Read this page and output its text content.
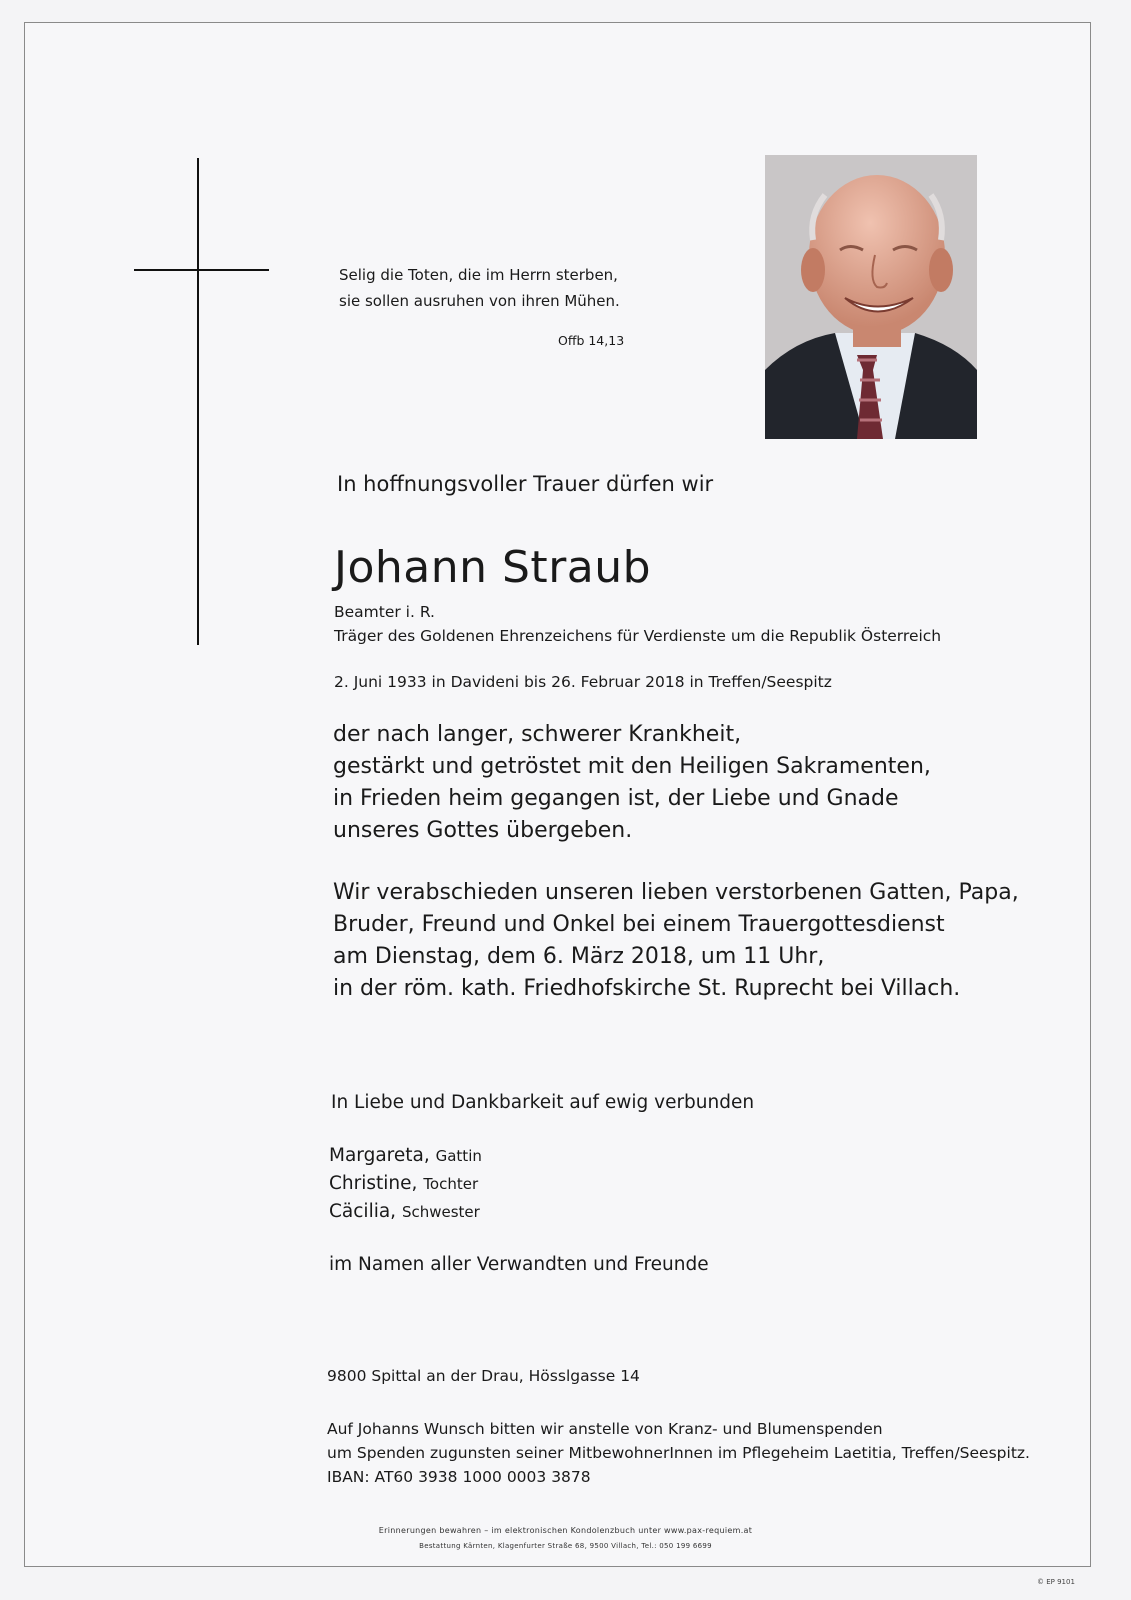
Selig die Toten, die im Herrn sterben,
sie sollen ausruhen von ihren Mühen.
Offb 14,13
In hoffnungsvoller Trauer dürfen wir
Johann Straub
Beamter i. R.
Träger des Goldenen Ehrenzeichens für Verdienste um die Republik Österreich
2. Juni 1933 in Davideni bis 26. Februar 2018 in Treffen/Seespitz
der nach langer, schwerer Krankheit,
gestärkt und getröstet mit den Heiligen Sakramenten,
in Frieden heim gegangen ist, der Liebe und Gnade
unseres Gottes übergeben.
Wir verabschieden unseren lieben verstorbenen Gatten, Papa,
Bruder, Freund und Onkel bei einem Trauergottesdienst
am Dienstag, dem 6. März 2018, um 11 Uhr,
in der röm. kath. Friedhofskirche St. Ruprecht bei Villach.
In Liebe und Dankbarkeit auf ewig verbunden
Margareta, Gattin
Christine, Tochter
Cäcilia, Schwester
im Namen aller Verwandten und Freunde
9800 Spittal an der Drau, Hösslgasse 14
Auf Johanns Wunsch bitten wir anstelle von Kranz- und Blumenspenden
um Spenden zugunsten seiner MitbewohnerInnen im Pflegeheim Laetitia, Treffen/Seespitz.
IBAN: AT60 3938 1000 0003 3878
Erinnerungen bewahren – im elektronischen Kondolenzbuch unter www.pax-requiem.at
Bestattung Kärnten, Klagenfurter Straße 68, 9500 Villach, Tel.: 050 199 6699
© EP 9101
